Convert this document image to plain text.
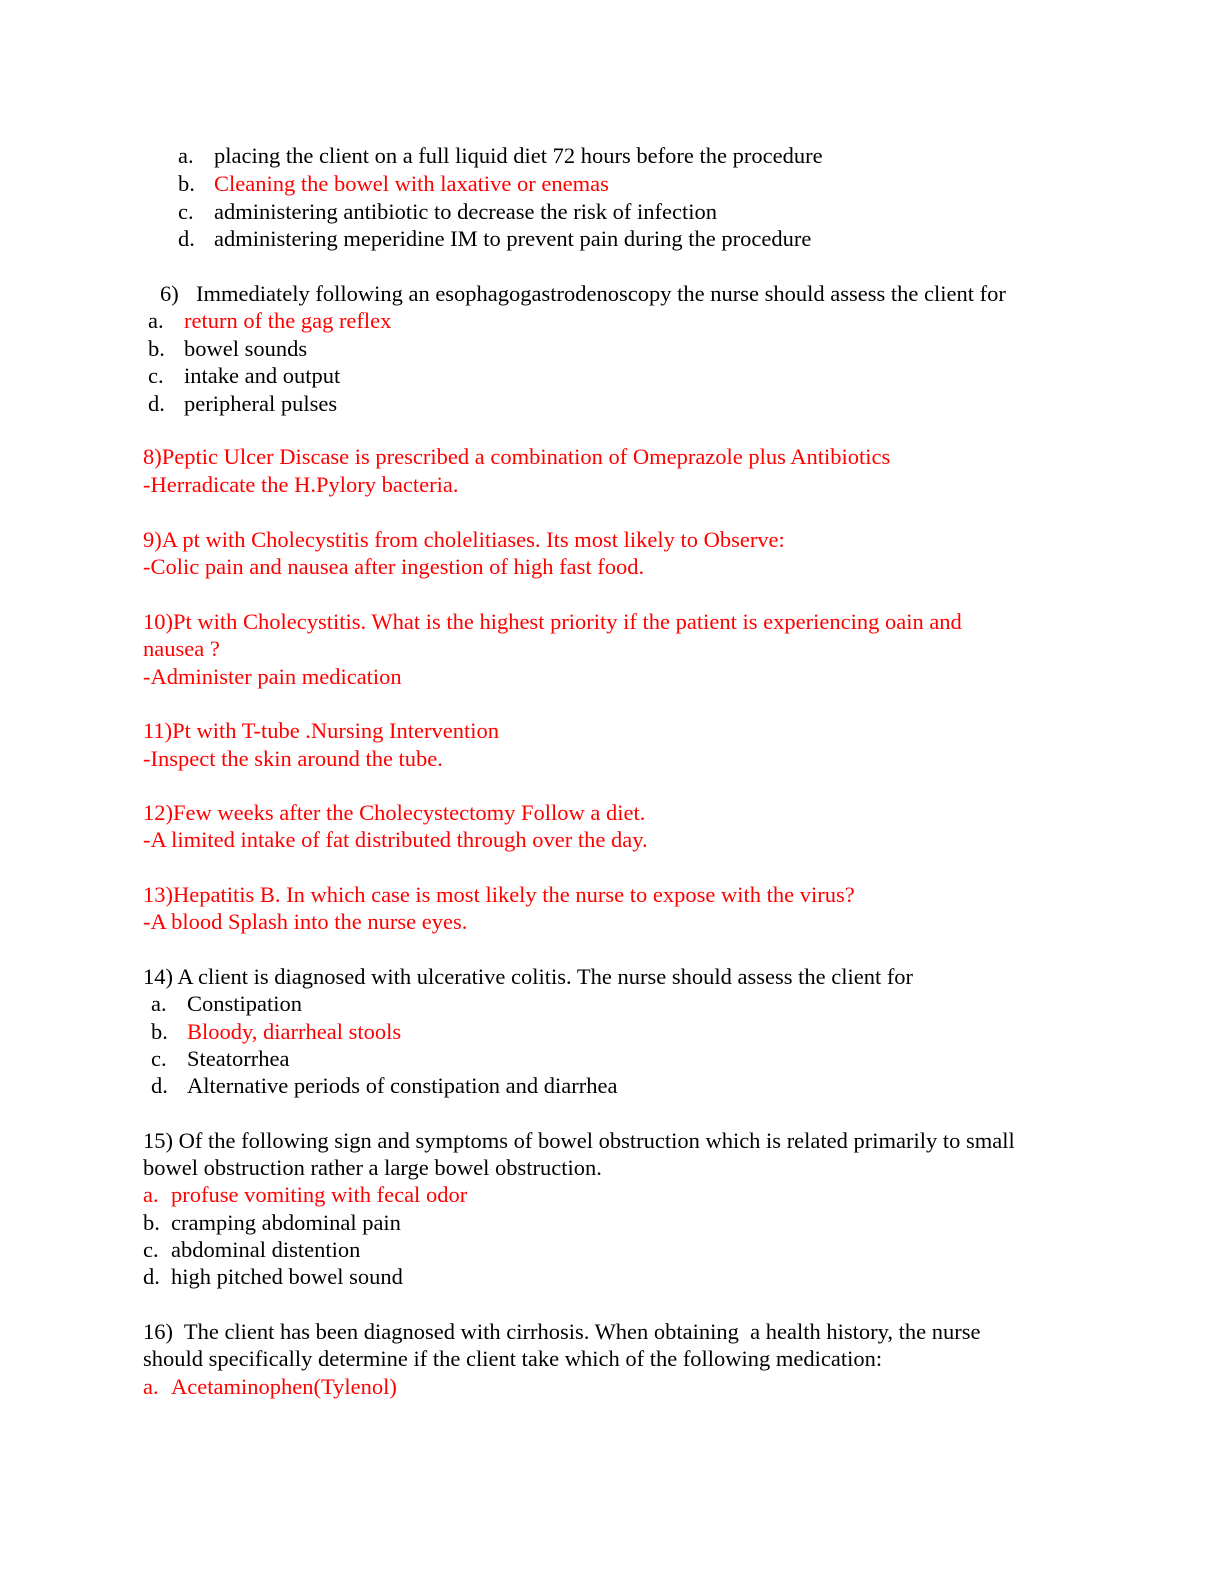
a. placing the client on a full liquid diet 72 hours before the procedure
b. Cleaning the bowel with laxative or enemas
c. administering antibiotic to decrease the risk of infection
d. administering meperidine IM to prevent pain during the procedure
6) Immediately following an esophagogastrodenoscopy the nurse should assess the client for
a. return of the gag reflex
b. bowel sounds
c. intake and output
d. peripheral pulses
8)Peptic Ulcer Discase is prescribed a combination of Omeprazole plus Antibiotics
-Herradicate the H.Pylory bacteria.
9)A pt with Cholecystitis from cholelitiases. Its most likely to Observe:
-Colic pain and nausea after ingestion of high fast food.
10)Pt with Cholecystitis. What is the highest priority if the patient is experiencing oain and
nausea ?
-Administer pain medication
11)Pt with T-tube .Nursing Intervention
-Inspect the skin around the tube.
12)Few weeks after the Cholecystectomy Follow a diet.
-A limited intake of fat distributed through over the day.
13)Hepatitis B. In which case is most likely the nurse to expose with the virus?
-A blood Splash into the nurse eyes.
14) A client is diagnosed with ulcerative colitis. The nurse should assess the client for
a. Constipation
b. Bloody, diarrheal stools
c. Steatorrhea
d. Alternative periods of constipation and diarrhea
15) Of the following sign and symptoms of bowel obstruction which is related primarily to small
bowel obstruction rather a large bowel obstruction.
a. profuse vomiting with fecal odor
b. cramping abdominal pain
c. abdominal distention
d. high pitched bowel sound
16)  The client has been diagnosed with cirrhosis. When obtaining  a health history, the nurse
should specifically determine if the client take which of the following medication:
a. Acetaminophen(Tylenol)
